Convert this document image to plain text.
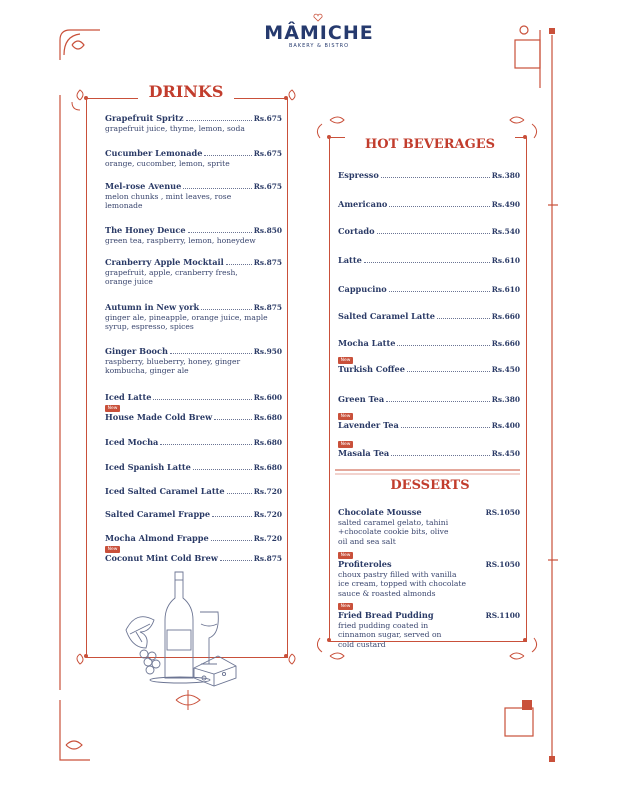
MÂMICHE
BAKERY & BISTRO
DRINKS
Grapefruit Spritz	Rs.675
grapefruit juice, thyme, lemon, soda
Cucumber Lemonade	Rs.675
orange, cucomber, lemon, sprite
Mel-rose Avenue	Rs.675
melon chunks , mint leaves, rose lemonade
The Honey Deuce	Rs.850
green tea, raspberry, lemon, honeydew
Cranberry Apple Mocktail	Rs.875
grapefruit, apple, cranberry fresh, orange juice
Autumn in New york	Rs.875
ginger ale, pineapple, orange juice, maple syrup, espresso, spices
Ginger Booch	Rs.950
raspberry, blueberry, honey, ginger kombucha, ginger ale
Iced Latte	Rs.600
New
House Made Cold Brew	Rs.680
Iced Mocha	Rs.680
Iced Spanish Latte	Rs.680
Iced Salted Caramel Latte	Rs.720
Salted Caramel Frappe	Rs.720
Mocha Almond Frappe	Rs.720
New
Coconut Mint Cold Brew	Rs.875
HOT BEVERAGES
DESSERTS
Espresso	Rs.380
Americano	Rs.490
Cortado	Rs.540
Latte	Rs.610
Cappucino	Rs.610
Salted Caramel Latte	Rs.660
Mocha Latte	Rs.660
New
Turkish Coffee	Rs.450
Green Tea	Rs.380
New
Lavender Tea	Rs.400
New
Masala Tea	Rs.450
Chocolate Mousse	RS.1050
salted caramel gelato, tahini +chocolate cookie bits, olive oil and sea salt
New
Profiteroles	RS.1050
choux pastry filled with vanilla ice cream, topped with chocolate sauce & roasted almonds
New
Fried Bread Pudding	RS.1100
fried pudding coated in cinnamon sugar, served on cold custard
